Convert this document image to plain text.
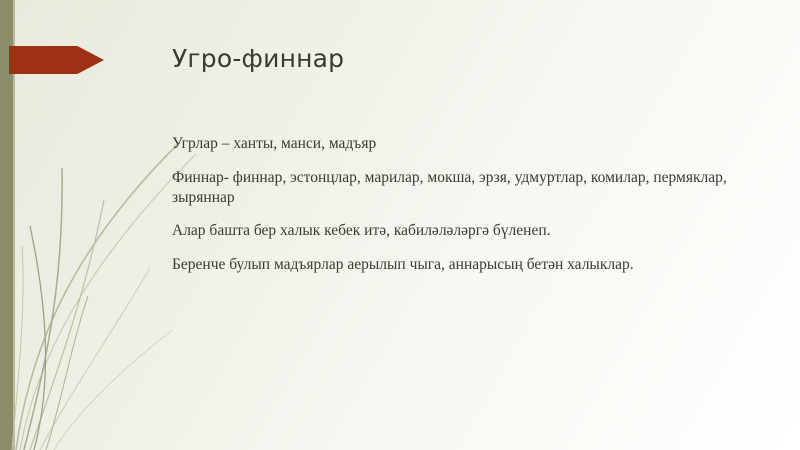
Угро-финнар

Угрлар – ханты, манси, мадъяр

Финнар- финнар, эстонцлар, марилар, мокша, эрзя, удмуртлар, комилар, пермяклар, зыряннар

Алар башта бер халык кебек итә, кабилəлəлəргə бүленеп.

Беренче булып мадъярлар аерылып чыга, аннарысың бетән халыклар.
